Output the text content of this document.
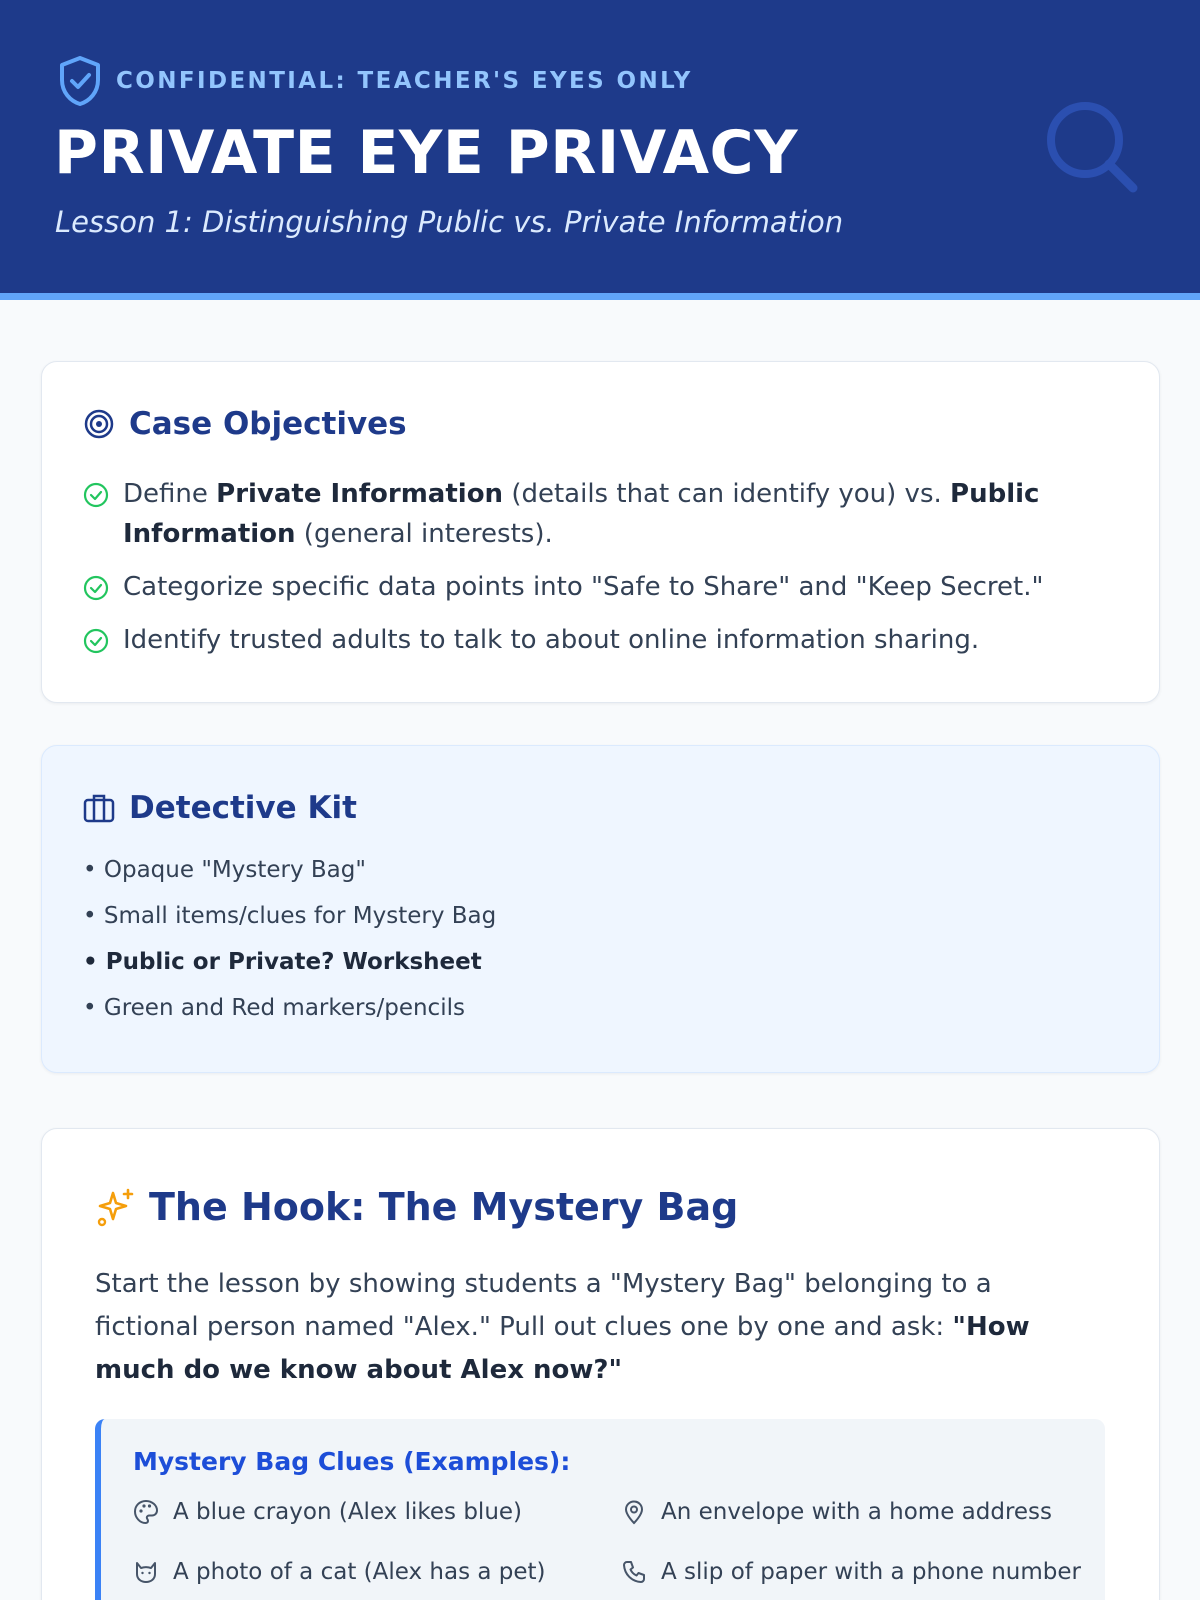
CONFIDENTIAL: TEACHER'S EYES ONLY
PRIVATE EYE PRIVACY
Lesson 1: Distinguishing Public vs. Private Information
Case Objectives
Define Private Information (details that can identify you) vs. Public Information (general interests).
Categorize specific data points into "Safe to Share" and "Keep Secret."
Identify trusted adults to talk to about online information sharing.
Detective Kit
• Opaque "Mystery Bag"
• Small items/clues for Mystery Bag
• Public or Private? Worksheet
• Green and Red markers/pencils
The Hook: The Mystery Bag
Start the lesson by showing students a "Mystery Bag" belonging to a fictional person named "Alex." Pull out clues one by one and ask: "How much do we know about Alex now?"
Mystery Bag Clues (Examples):
A blue crayon (Alex likes blue)	An envelope with a home address
A photo of a cat (Alex has a pet)	A slip of paper with a phone number
